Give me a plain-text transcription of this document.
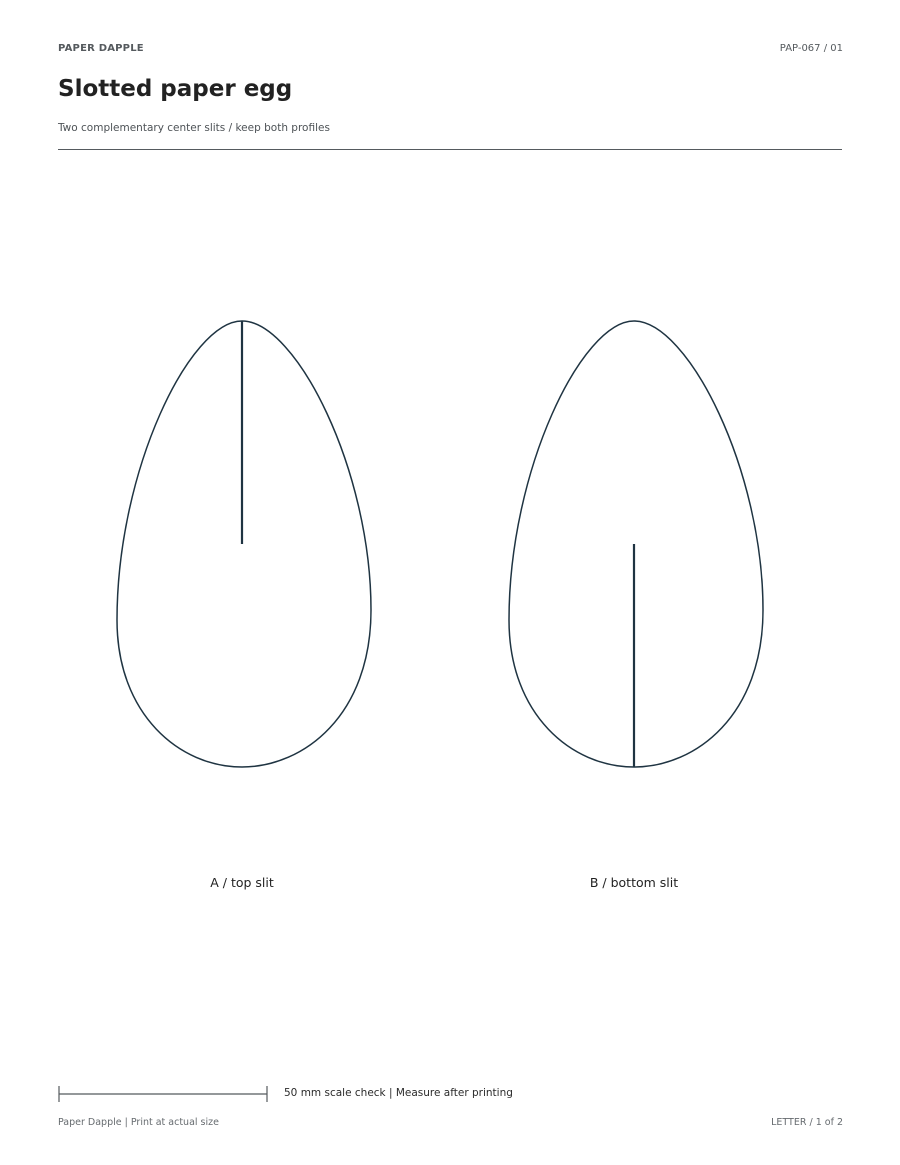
PAPER DAPPLE	PAP-067 / 01
Slotted paper egg
Two complementary center slits / keep both profiles
A / top slit	B / bottom slit
50 mm scale check | Measure after printing
Paper Dapple | Print at actual size	LETTER / 1 of 2
